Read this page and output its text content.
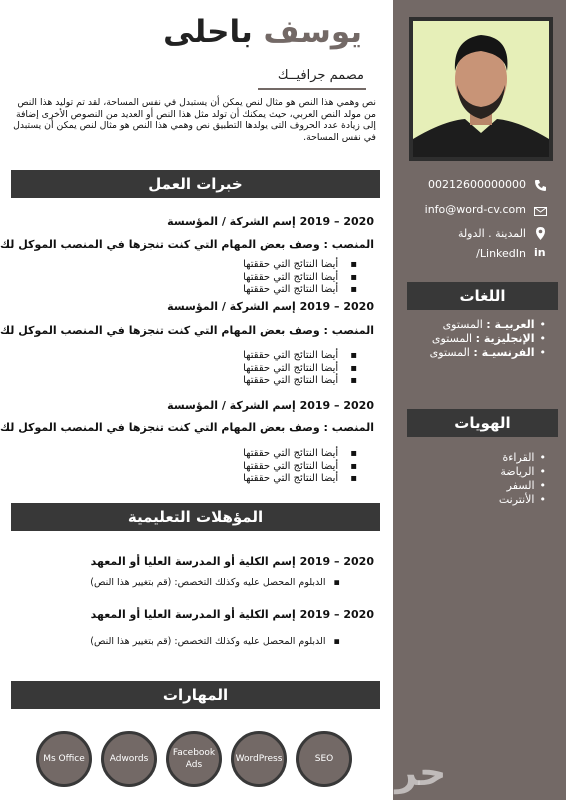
00212600000000
info@word-cv.com
المدينة . الدولة
LinkedIn/ in
اللغات
•العربيـة : المستوى
•الإنجليزية : المستوى
•الفرنسيـة : المستوى
الهويات
•القراءة
•الرياضة
•السفر
•الأنترنت
يوسف باحلى
مصمم جرافيــك
نص وهمي هذا النص هو مثال لنص يمكن أن يستبدل في نفس المساحة، لقد تم توليد هذا النص من مولد النص العربي، حيث يمكنك أن تولد مثل هذا النص أو العديد من النصوص الأخرى إضافة إلى زيادة عدد الحروف التى يولدها التطبيق نص وهمي هذا النص هو مثال لنص يمكن أن يستبدل في نفس المساحة.
خبرات العمل
2020 – 2019 إسم الشركة / المؤسسة
المنصب : وصف بعض المهام التي كنت تنجزها في المنصب الموكل لك
▪أيضا النتائج التي حققتها
▪أيضا النتائج التي حققتها
▪أيضا النتائج التي حققتها
2020 – 2019 إسم الشركة / المؤسسة
المنصب : وصف بعض المهام التي كنت تنجزها في المنصب الموكل لك
▪أيضا النتائج التي حققتها
▪أيضا النتائج التي حققتها
▪أيضا النتائج التي حققتها
2020 – 2019 إسم الشركة / المؤسسة
المنصب : وصف بعض المهام التي كنت تنجزها في المنصب الموكل لك
▪أيضا النتائج التي حققتها
▪أيضا النتائج التي حققتها
▪أيضا النتائج التي حققتها
المؤهلات التعليمية
2020 – 2019 إسم الكلية أو المدرسة العليا أو المعهد
▪الدبلوم المحصل عليه وكذلك التخصص: (قم بتغيير هذا النص)
2020 – 2019 إسم الكلية أو المدرسة العليا أو المعهد
▪الدبلوم المحصل عليه وكذلك التخصص: (قم بتغيير هذا النص)
المهارات
Ms Office	Adwords
Facebook Ads
WordPress	SEO حراج
